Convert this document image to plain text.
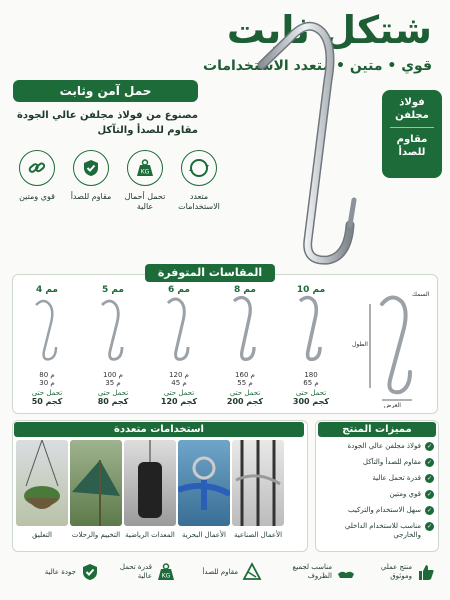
شتكل ثابت
قوي • متين • متعدد الاستخدامات
حمل آمن وثابت
مصنوع من فولاذ مجلفن عالي الجودة
مقاوم للصدأ والتآكل
فولاذ
مجلفن
مقاوم
للصدأ
قوي ومتين	مقاوم للصدأ
KG
تحمل أحمال عالية
متعدد الاستخدامات
المقاسات المتوفرة
السمك
الطول
العرض
4 مم
80 م
30 م
تحمل حتى
50 كجم
5 مم
100 م
35 م
تحمل حتى
80 كجم
6 مم
120 م
45 م
تحمل حتى
120 كجم
8 مم
160 م
55 م
تحمل حتى
200 كجم
10 مم
180
65 م
تحمل حتى
300 كجم
استخدامات متعددة
التعليق	التخييم والرحلات المعدات الرياضية	الأعمال البحرية	الأعمال الصناعية
مميزات المنتج
✓
فولاذ مجلفن عالي الجودة
✓
مقاوم للصدأ والتآكل
✓
قدرة تحمل عالية
✓
قوي ومتين
✓
سهل الاستخدام والتركيب
✓
مناسب للاستخدام الداخلي والخارجي
منتج عملي وموثوق
مناسب لجميع الظروف
مقاوم للصدأ
KG
قدرة تحمل عالية
جودة عالية
